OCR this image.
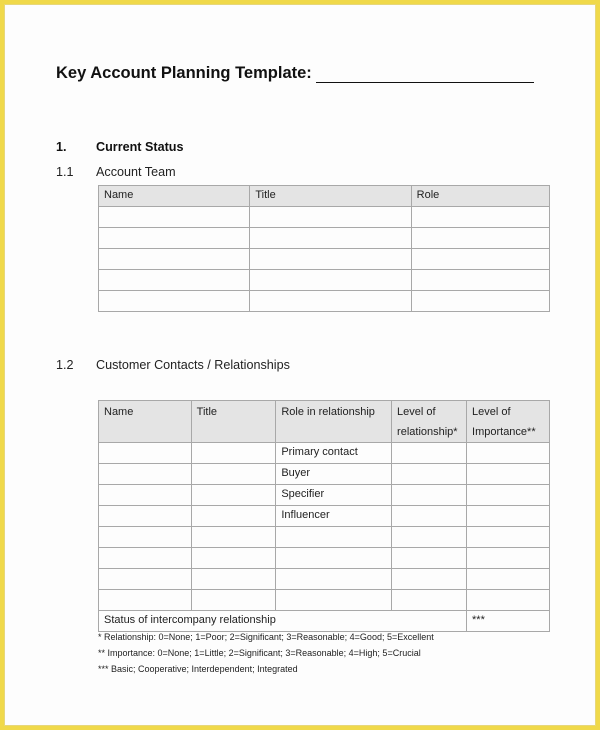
Key Account Planning Template:
1. Current Status
1.1 Account Team
Name	Title	Role

1.2 Customer Contacts / Relationships
Name	Title	Role in relationship	Level of relationship*	Level of Importance**
		Primary contact		
		Buyer		
		Specifier		
		Influencer		

Status of intercompany relationship				***
* Relationship: 0=None; 1=Poor; 2=Significant; 3=Reasonable; 4=Good; 5=Excellent
** Importance: 0=None; 1=Little; 2=Significant; 3=Reasonable; 4=High; 5=Crucial
*** Basic; Cooperative; Interdependent; Integrated
